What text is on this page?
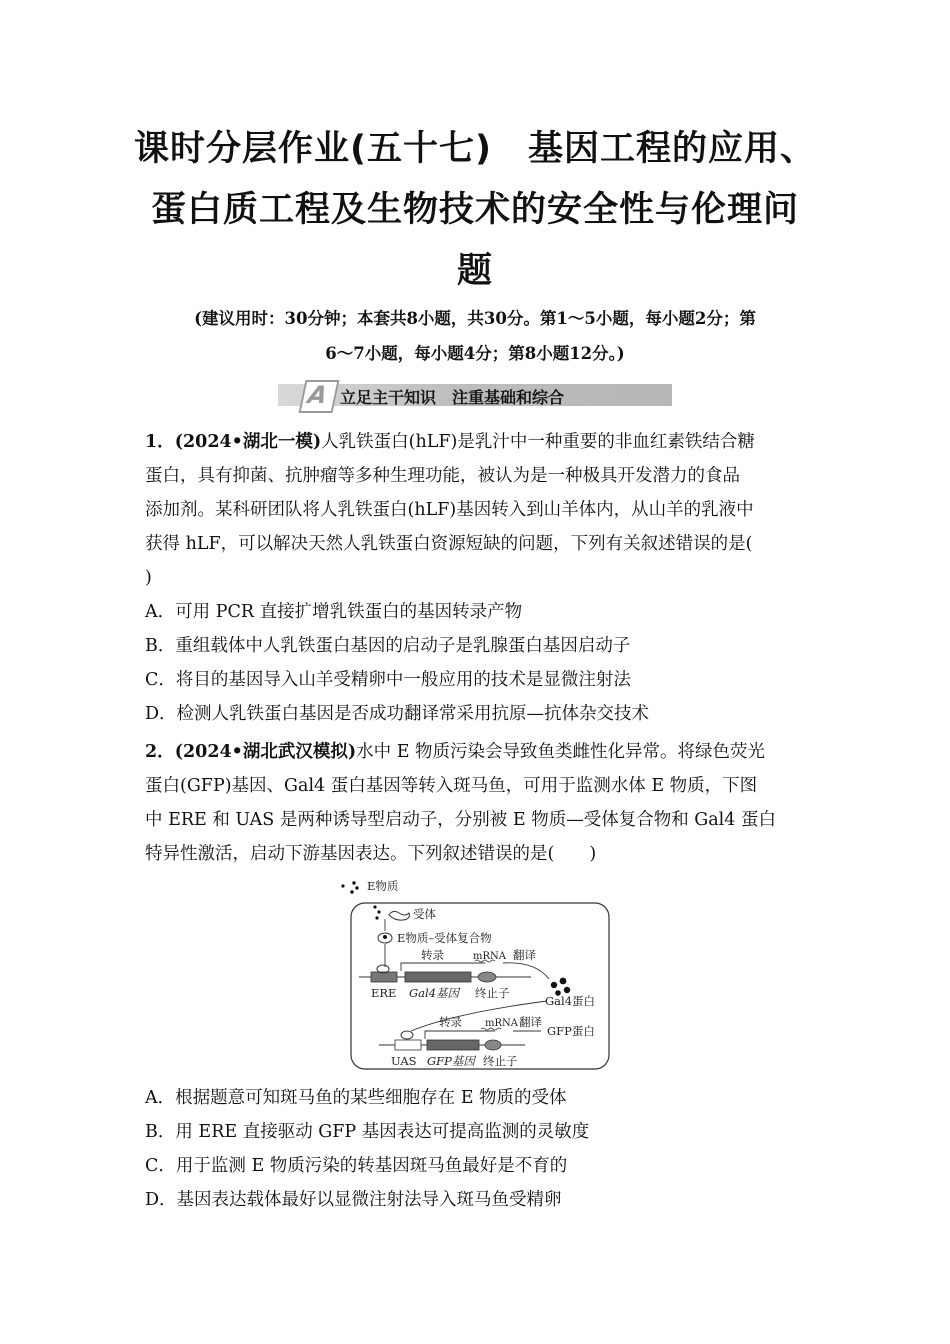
课时分层作业(五十七)　基因工程的应用、
蛋白质工程及生物技术的安全性与伦理问
题
(建议用时：30分钟；本套共8小题，共30分。第1～5小题，每小题2分；第
6～7小题，每小题4分；第8小题12分。)
A 立足主干知识　注重基础和综合
1．(2024•湖北一模)人乳铁蛋白(hLF)是乳汁中一种重要的非血红素铁结合糖
蛋白，具有抑菌、抗肿瘤等多种生理功能，被认为是一种极具开发潜力的食品
添加剂。某科研团队将人乳铁蛋白(hLF)基因转入到山羊体内，从山羊的乳液中
获得 hLF，可以解决天然人乳铁蛋白资源短缺的问题，下列有关叙述错误的是(
)
A．可用 PCR 直接扩增乳铁蛋白的基因转录产物
B．重组载体中人乳铁蛋白基因的启动子是乳腺蛋白基因启动子
C．将目的基因导入山羊受精卵中一般应用的技术是显微注射法
D．检测人乳铁蛋白基因是否成功翻译常采用抗原—抗体杂交技术
2．(2024•湖北武汉模拟)水中 E 物质污染会导致鱼类雌性化异常。将绿色荧光
蛋白(GFP)基因、Gal4 蛋白基因等转入斑马鱼，可用于监测水体 E 物质，下图
中 ERE 和 UAS 是两种诱导型启动子，分别被 E 物质—受体复合物和 Gal4 蛋白
特异性激活，启动下游基因表达。下列叙述错误的是(　　)
E物质
受体
E物质–受体复合物
ERE Gal4基因 终止子
转录	mRNA 翻译
Gal4蛋白
UAS GFP基因 终止子
转录 mRNA 翻译
GFP蛋白
A．根据题意可知斑马鱼的某些细胞存在 E 物质的受体
B．用 ERE 直接驱动 GFP 基因表达可提高监测的灵敏度
C．用于监测 E 物质污染的转基因斑马鱼最好是不育的
D．基因表达载体最好以显微注射法导入斑马鱼受精卵
